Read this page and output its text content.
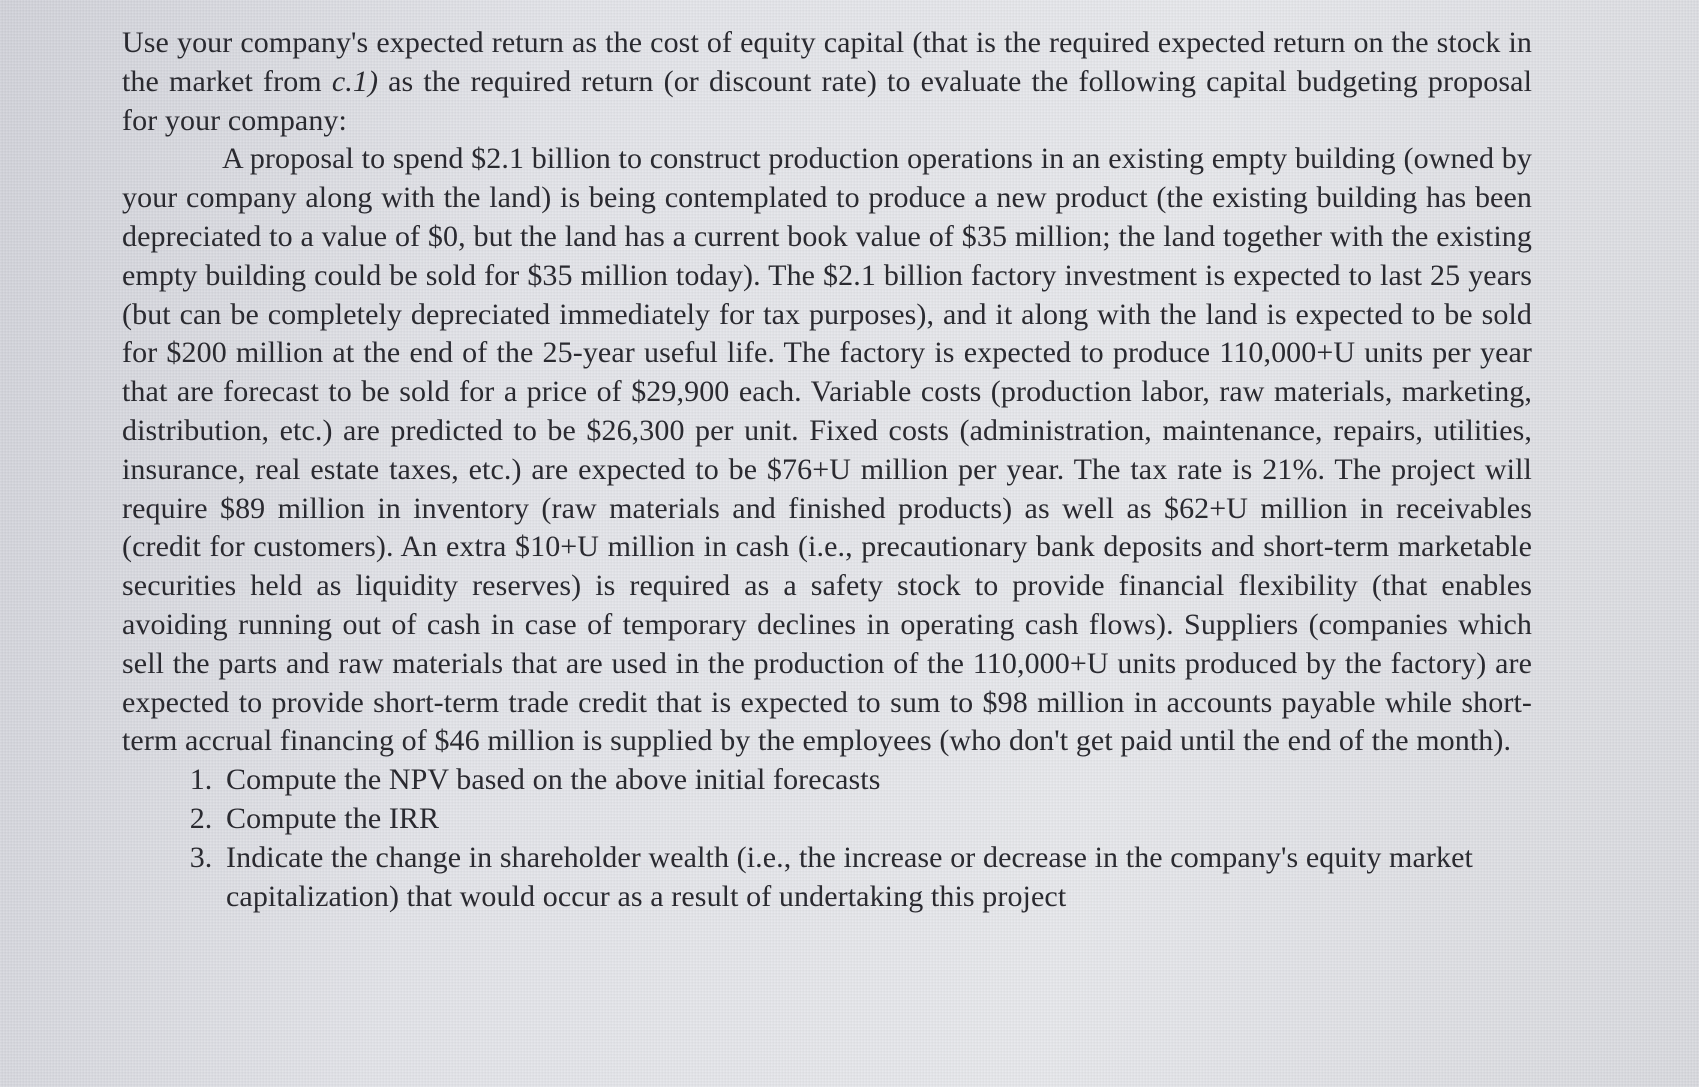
Use your company's expected return as the cost of equity capital (that is the required expected return on the stock in the market from c.1) as the required return (or discount rate) to evaluate the following capital budgeting proposal for your company:

A proposal to spend $2.1 billion to construct production operations in an existing empty building (owned by your company along with the land) is being contemplated to produce a new product (the existing building has been depreciated to a value of $0, but the land has a current book value of $35 million; the land together with the existing empty building could be sold for $35 million today). The $2.1 billion factory investment is expected to last 25 years (but can be completely depreciated immediately for tax purposes), and it along with the land is expected to be sold for $200 million at the end of the 25-year useful life. The factory is expected to produce 110,000+U units per year that are forecast to be sold for a price of $29,900 each. Variable costs (production labor, raw materials, marketing, distribution, etc.) are predicted to be $26,300 per unit. Fixed costs (administration, maintenance, repairs, utilities, insurance, real estate taxes, etc.) are expected to be $76+U million per year. The tax rate is 21%. The project will require $89 million in inventory (raw materials and finished products) as well as $62+U million in receivables (credit for customers). An extra $10+U million in cash (i.e., precautionary bank deposits and short-term marketable securities held as liquidity reserves) is required as a safety stock to provide financial flexibility (that enables avoiding running out of cash in case of temporary declines in operating cash flows). Suppliers (companies which sell the parts and raw materials that are used in the production of the 110,000+U units produced by the factory) are expected to provide short-term trade credit that is expected to sum to $98 million in accounts payable while short-term accrual financing of $46 million is supplied by the employees (who don't get paid until the end of the month).

1. Compute the NPV based on the above initial forecasts
2. Compute the IRR
3. Indicate the change in shareholder wealth (i.e., the increase or decrease in the company's equity market capitalization) that would occur as a result of undertaking this project
